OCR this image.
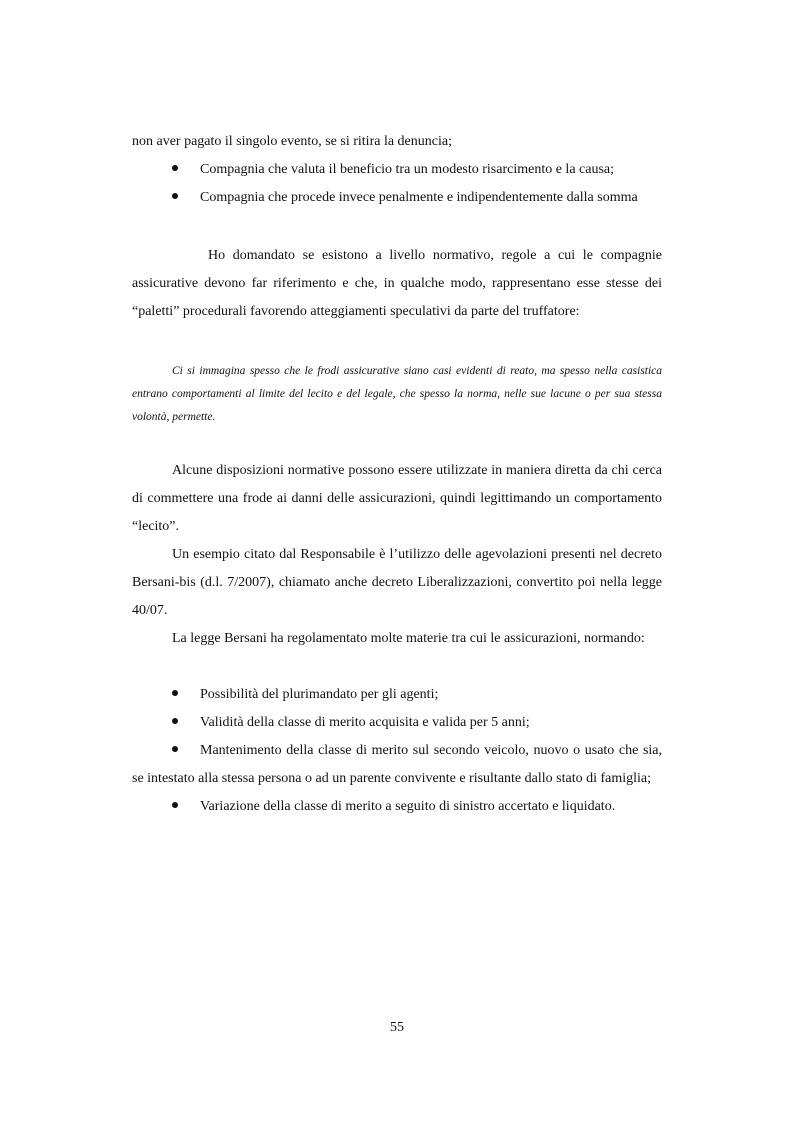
non aver pagato il singolo evento, se si ritira la denuncia;

Compagnia che valuta il beneficio tra un modesto risarcimento e la causa;

Compagnia che procede invece penalmente e indipendentemente dalla somma

Ho domandato se esistono a livello normativo, regole a cui le compagnie assicurative devono far riferimento e che, in qualche modo, rappresentano esse stesse dei “paletti” procedurali favorendo atteggiamenti speculativi da parte del truffatore:

Ci si immagina spesso che le frodi assicurative siano casi evidenti di reato, ma spesso nella casistica entrano comportamenti al limite del lecito e del legale, che spesso la norma, nelle sue lacune o per sua stessa volontà, permette.

Alcune disposizioni normative possono essere utilizzate in maniera diretta da chi cerca di commettere una frode ai danni delle assicurazioni, quindi legittimando un comportamento “lecito”.

Un esempio citato dal Responsabile è l’utilizzo delle agevolazioni presenti nel decreto Bersani-bis (d.l. 7/2007), chiamato anche decreto Liberalizzazioni, convertito poi nella legge 40/07.

La legge Bersani ha regolamentato molte materie tra cui le assicurazioni, normando:

Possibilità del plurimandato per gli agenti;

Validità della classe di merito acquisita e valida per 5 anni;

Mantenimento della classe di merito sul secondo veicolo, nuovo o usato che sia, se intestato alla stessa persona o ad un parente convivente e risultante dallo stato di famiglia;

Variazione della classe di merito a seguito di sinistro accertato e liquidato.

55
